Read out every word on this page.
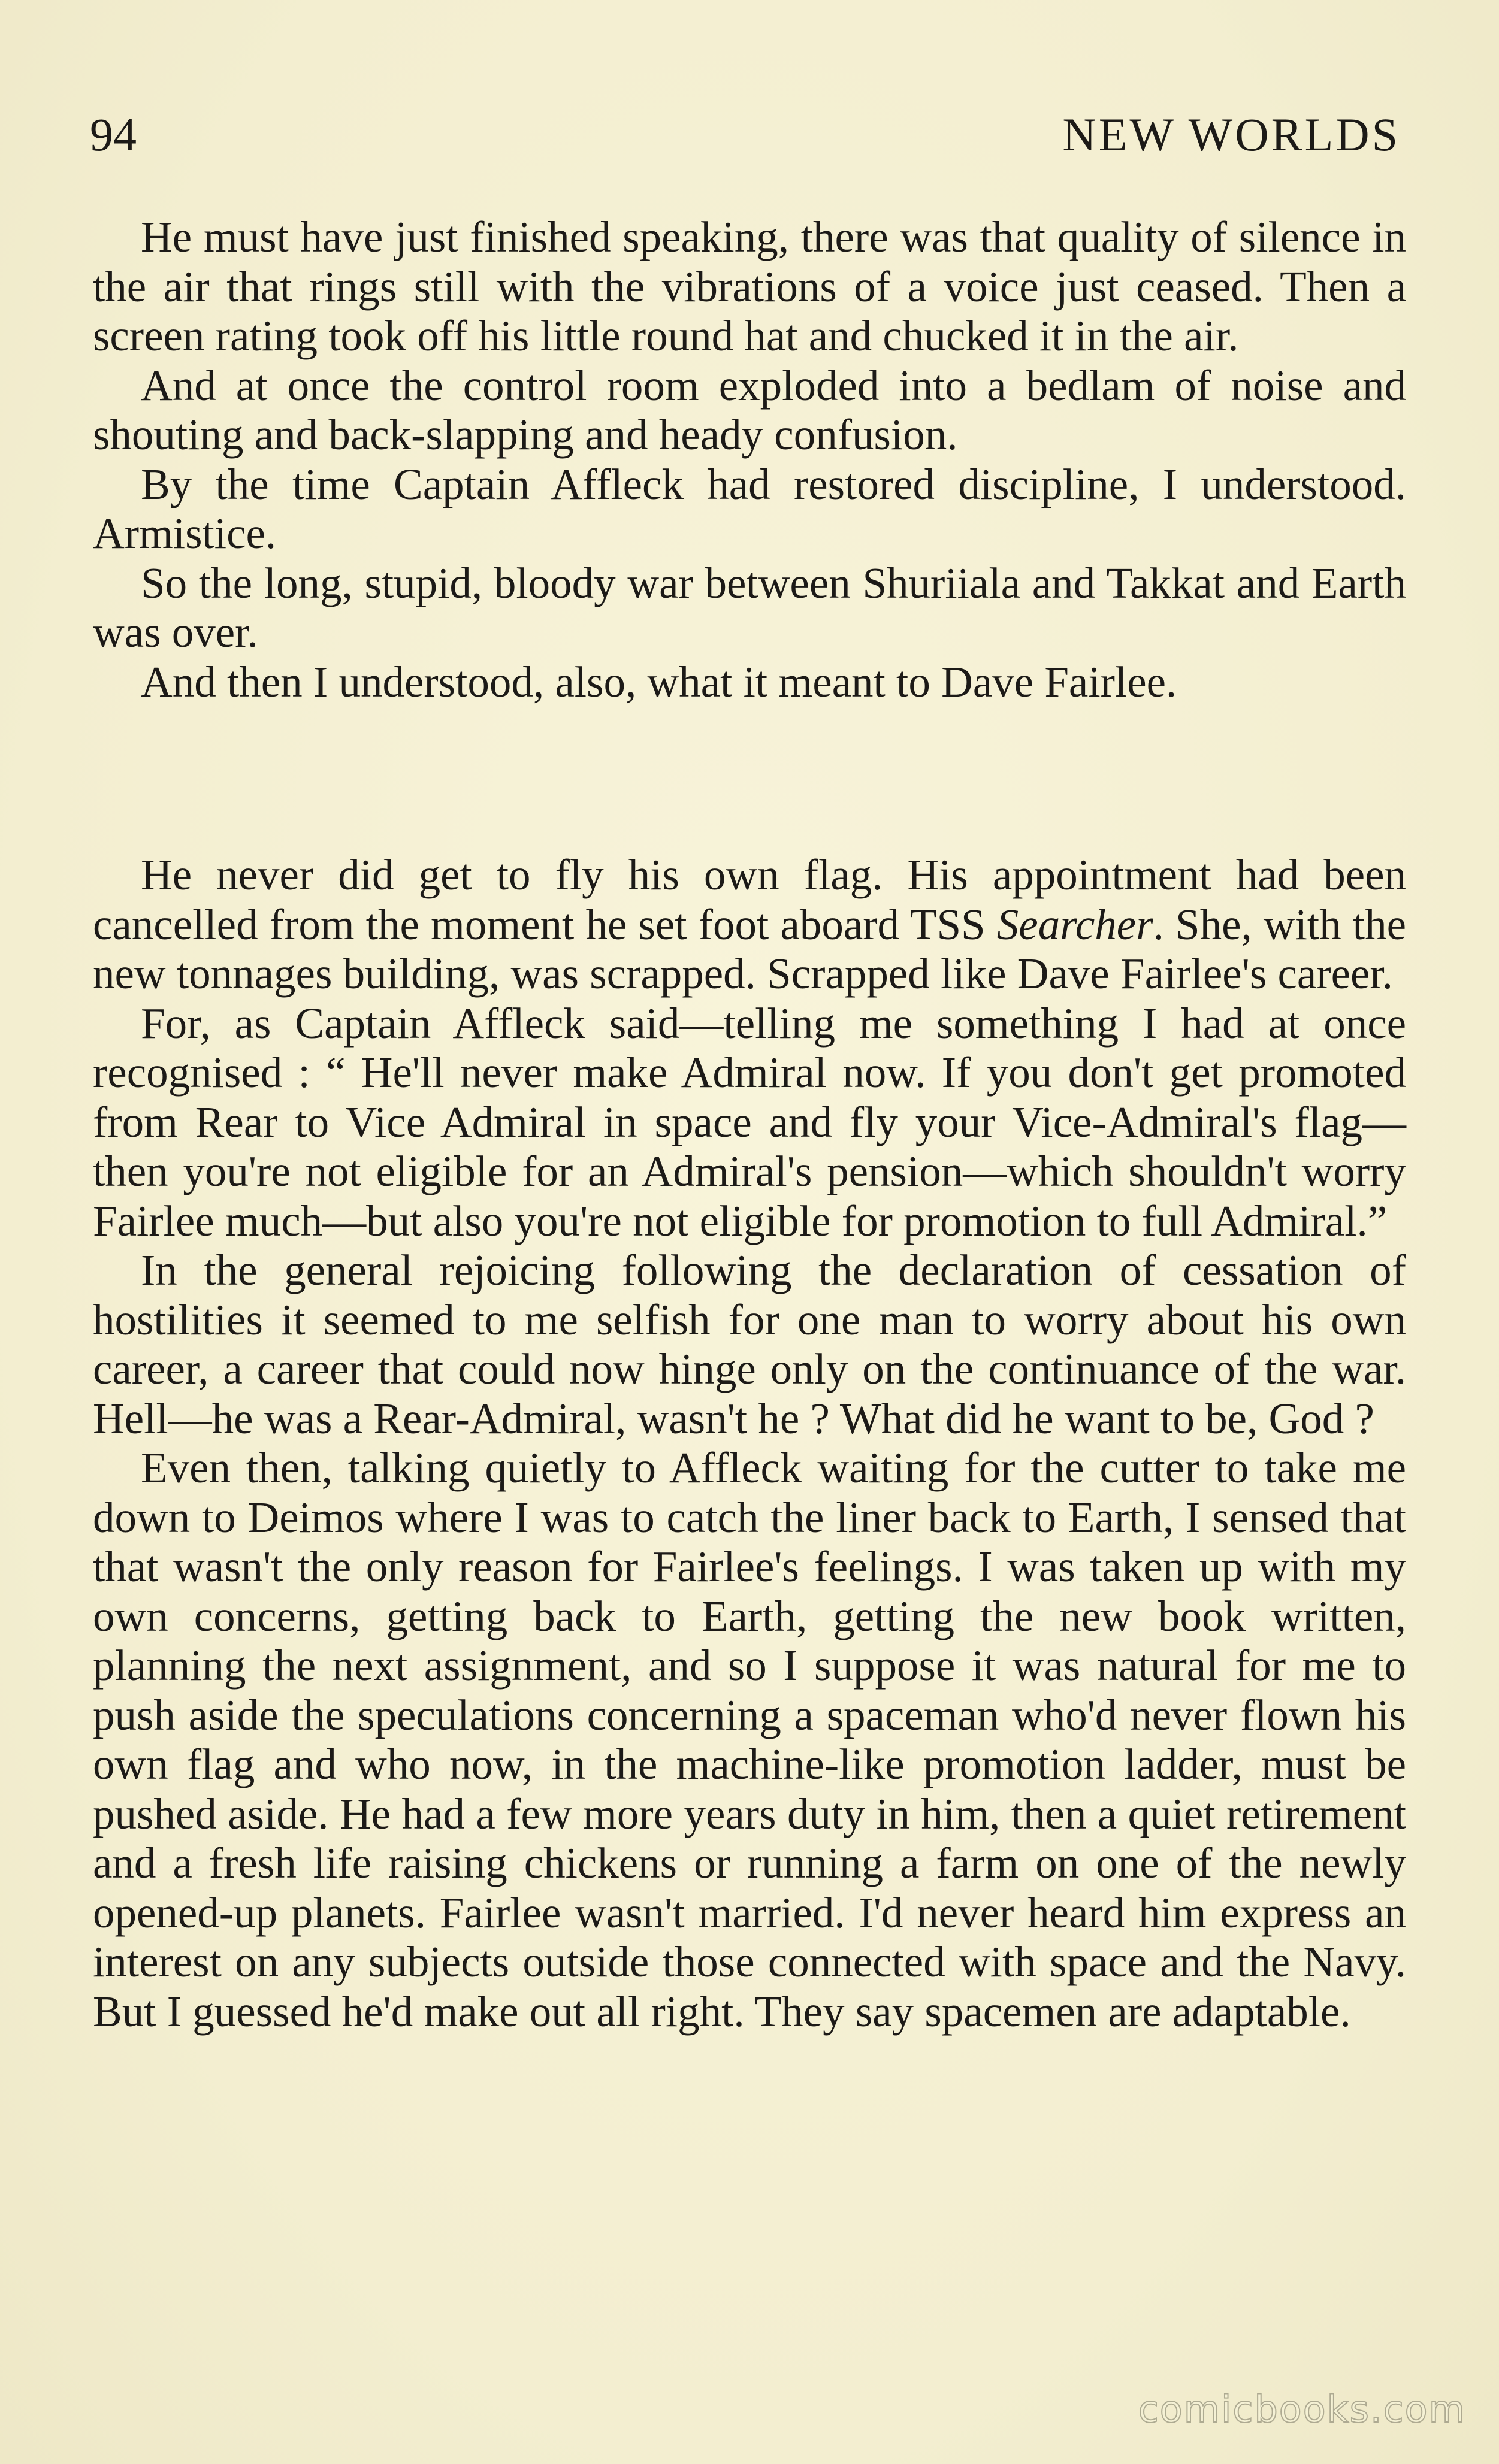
94	NEW WORLDS

He must have just finished speaking, there was that quality of silence in the air that rings still with the vibrations of a voice just ceased. Then a screen rating took off his little round hat and chucked it in the air.

And at once the control room exploded into a bedlam of noise and shouting and back-slapping and heady confusion.

By the time Captain Affleck had restored discipline, I understood. Armistice.

So the long, stupid, bloody war between Shuriiala and Takkat and Earth was over.

And then I understood, also, what it meant to Dave Fairlee.

He never did get to fly his own flag. His appointment had been cancelled from the moment he set foot aboard TSS Searcher. She, with the new tonnages building, was scrapped. Scrapped like Dave Fairlee's career.

For, as Captain Affleck said—telling me something I had at once recognised : “ He'll never make Admiral now. If you don't get promoted from Rear to Vice Admiral in space and fly your Vice-Admiral's flag—then you're not eligible for an Admiral's pension—which shouldn't worry Fairlee much—but also you're not eligible for promotion to full Admiral.”

In the general rejoicing following the declaration of cessation of hostilities it seemed to me selfish for one man to worry about his own career, a career that could now hinge only on the continuance of the war. Hell—he was a Rear-Admiral, wasn't he ? What did he want to be, God ?

Even then, talking quietly to Affleck waiting for the cutter to take me down to Deimos where I was to catch the liner back to Earth, I sensed that that wasn't the only reason for Fairlee's feelings. I was taken up with my own concerns, getting back to Earth, getting the new book written, planning the next assignment, and so I suppose it was natural for me to push aside the speculations concerning a spaceman who'd never flown his own flag and who now, in the machine-like promotion ladder, must be pushed aside. He had a few more years duty in him, then a quiet retirement and a fresh life raising chickens or running a farm on one of the newly opened-up planets. Fairlee wasn't married. I'd never heard him express an interest on any subjects outside those connected with space and the Navy. But I guessed he'd make out all right. They say spacemen are adaptable.

comicbooks.com
